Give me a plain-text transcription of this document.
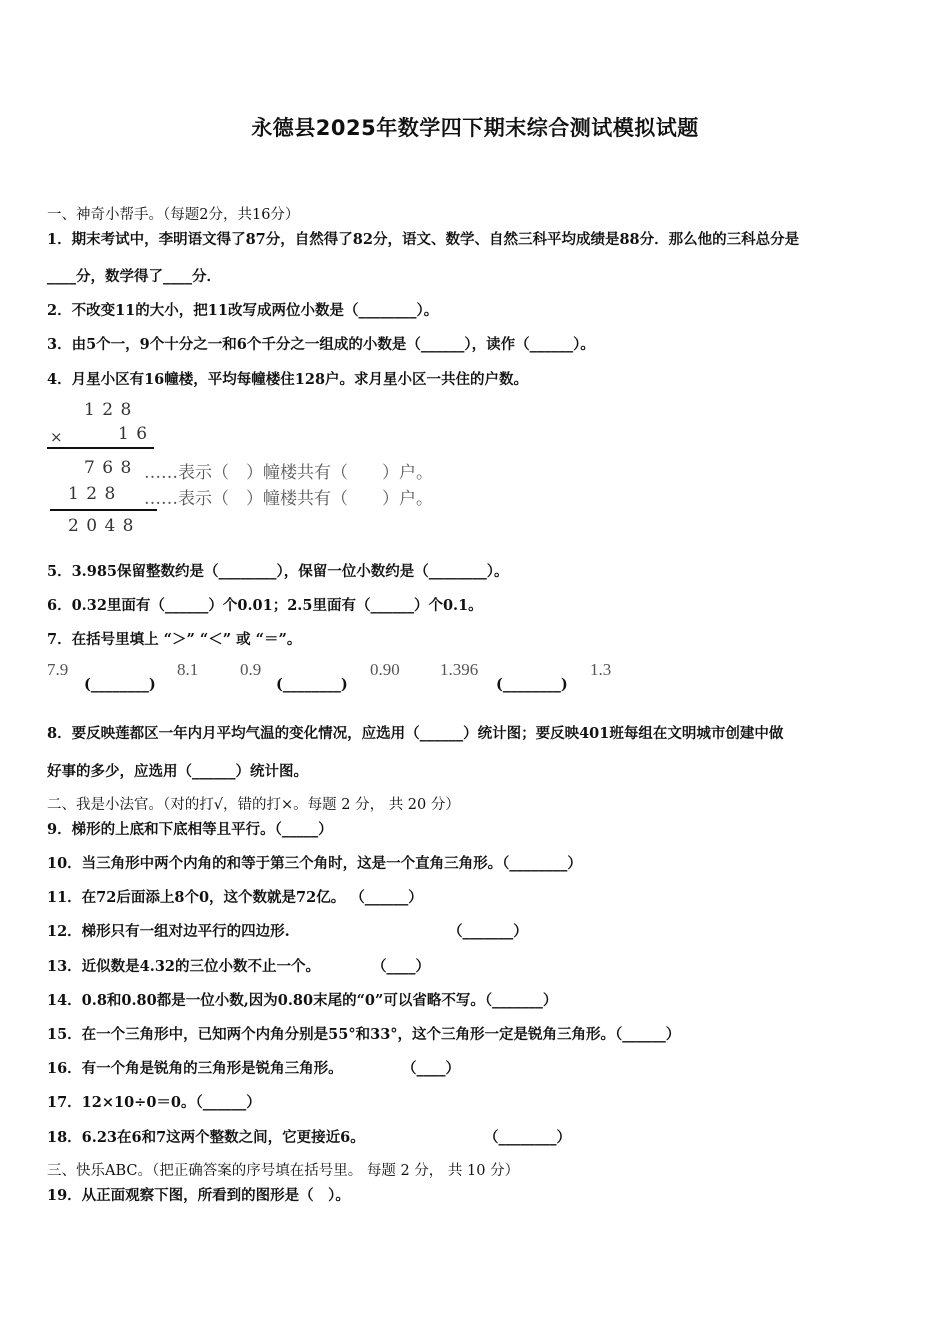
永德县2025年数学四下期末综合测试模拟试题
一、神奇小帮手。（每题2分，共16分）
1．期末考试中，李明语文得了87分，自然得了82分，语文、数学、自然三科平均成绩是88分．那么他的三科总分是
____分，数学得了____分．
2．不改变11的大小，把11改写成两位小数是（________）。
3．由5个一，9个十分之一和6个千分之一组成的小数是（______），读作（______）。
4．月星小区有16幢楼，平均每幢楼住128户。求月星小区一共住的户数。
1 2 8
×	1 6
7 6 8 ……表示（　）幢楼共有（　　）户。
1 2 8 ……表示（　）幢楼共有（　　）户。
2 0 4 8
5．3.985保留整数约是（________），保留一位小数约是（________）。
6．0.32里面有（______）个0.01；2.5里面有（______）个0.1。
7．在括号里填上 “＞” “＜” 或 “＝”。
7.9
(________)
8.1 0.9
(________)
0.90 1.396
(________)
1.3
8．要反映莲都区一年内月平均气温的变化情况，应选用（______）统计图；要反映401班每组在文明城市创建中做
好事的多少，应选用（______）统计图。
二、我是小法官。（对的打√，错的打×。每题 2 分， 共 20 分）
9．梯形的上底和下底相等且平行。（_____）
10．当三角形中两个内角的和等于第三个角时，这是一个直角三角形。（________）
11．在72后面添上8个0，这个数就是72亿。 （______）
12．梯形只有一组对边平行的四边形.	（_______）
13．近似数是4.32的三位小数不止一个。	（____）
14．0.8和0.80都是一位小数,因为0.80末尾的“0”可以省略不写。（_______）
15．在一个三角形中，已知两个内角分别是55°和33°，这个三角形一定是锐角三角形。（______）
16．有一个角是锐角的三角形是锐角三角形。	（____）
17．12×10÷0＝0。（______）
18．6.23在6和7这两个整数之间，它更接近6。	（________）
三、快乐ABC。（把正确答案的序号填在括号里。 每题 2 分， 共 10 分）
19．从正面观察下图，所看到的图形是（　）。
